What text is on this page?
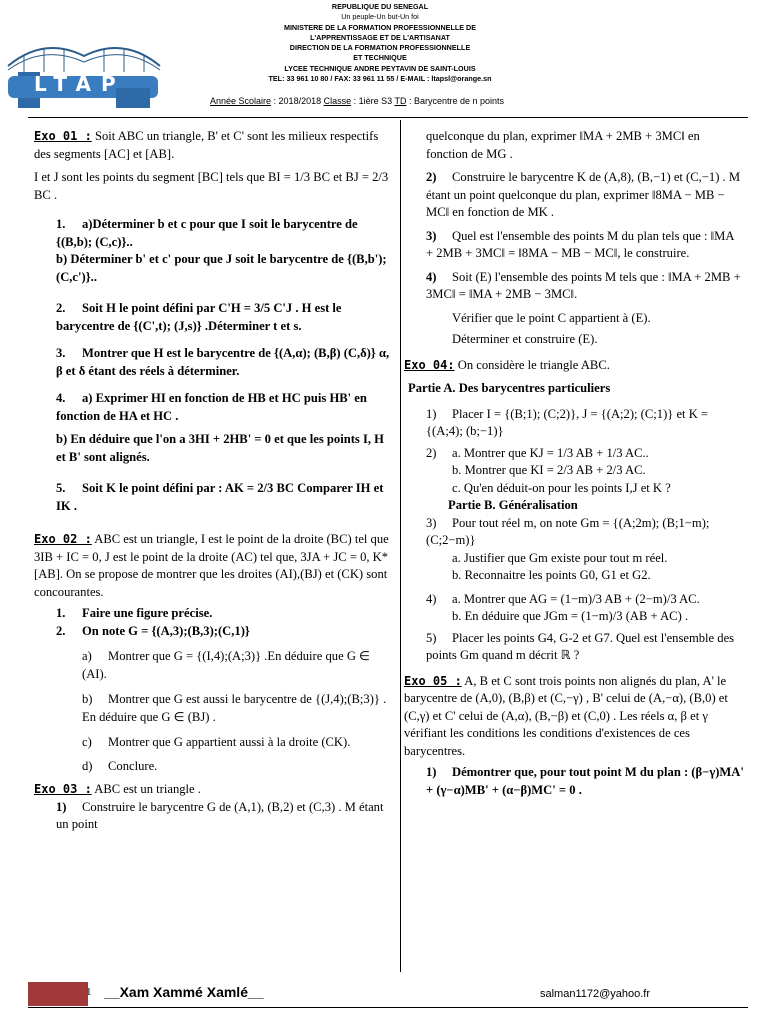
LTAP
REPUBLIQUE DU SENEGAL
Un peuple-Un but-Un foi
MINISTERE DE LA FORMATION PROFESSIONNELLE DE
L'APPRENTISSAGE ET DE L'ARTISANAT
DIRECTION DE LA FORMATION PROFESSIONNELLE
ET TECHNIQUE
LYCEE TECHNIQUE ANDRE PEYTAVIN DE SAINT-LOUIS
TEL: 33 961 10 80 / FAX: 33 961 11 55 / E-MAIL : ltapsl@orange.sn
Année Scolaire : 2018/2018 Classe : 1ière S3 TD : Barycentre de n points

Exo 01 : Soit ABC un triangle, B' et C' sont les milieux respectifs des segments [AC] et [AB].

I et J sont les points du segment [BC] tels que BI = 1/3 BC et BJ = 2/3 BC .

1. a)Déterminer b et c pour que I soit le barycentre de {(B,b); (C,c)}..

b) Déterminer b' et c' pour que J soit le barycentre de {(B,b'); (C,c')}..

2. Soit H le point défini par C'H = 3/5 C'J . H est le barycentre de {(C',t); (J,s)} .Déterminer t et s.

3. Montrer que H est le barycentre de {(A,α); (B,β) (C,δ)} α, β et δ étant des réels à déterminer.

4. a) Exprimer HI en fonction de HB et HC puis HB' en fonction de HA et HC .

b) En déduire que l'on a 3HI + 2HB' = 0 et que les points I, H et B' sont alignés.

5. Soit K le point défini par : AK = 2/3 BC Comparer IH et IK .

Exo 02 : ABC est un triangle, I est le point de la droite (BC) tel que 3IB + IC = 0, J est le point de la droite (AC) tel que, 3JA + JC = 0, K*[AB]. On se propose de montrer que les droites (AI),(BJ) et (CK) sont concourantes.

1. Faire une figure précise.

2. On note G = {(A,3);(B,3);(C,1)}

a) Montrer que G = {(I,4);(A;3)} .En déduire que G ∈ (AI).

b) Montrer que G est aussi le barycentre de {(J,4);(B;3)} . En déduire que G ∈ (BJ) .

c) Montrer que G appartient aussi à la droite (CK).

d) Conclure.

Exo 03 : ABC est un triangle .

1) Construire le barycentre G de (A,1), (B,2) et (C,3) . M étant un point

quelconque du plan, exprimer ‖MA + 2MB + 3MC‖ en fonction de MG .

2) Construire le barycentre K de (A,8), (B,−1) et (C,−1) . M étant un point quelconque du plan, exprimer ‖8MA − MB − MC‖ en fonction de MK .

3) Quel est l'ensemble des points M du plan tels que : ‖MA + 2MB + 3MC‖ = ‖8MA − MB − MC‖, le construire.

4) Soit (E) l'ensemble des points M tels que : ‖MA + 2MB + 3MC‖ = ‖MA + 2MB − 3MC‖.

Vérifier que le point C appartient à (E).

Déterminer et construire (E).

Exo 04: On considère le triangle ABC.

Partie A. Des barycentres particuliers

1) Placer I = {(B;1); (C;2)}, J = {(A;2); (C;1)} et K = {(A;4); (b;−1)}

2) a. Montrer que KJ = 1/3 AB + 1/3 AC..

b. Montrer que KI = 2/3 AB + 2/3 AC.

c. Qu'en déduit-on pour les points I,J et K ?

Partie B. Généralisation

3) Pour tout réel m, on note Gm = {(A;2m); (B;1−m); (C;2−m)}

a. Justifier que Gm existe pour tout m réel.

b. Reconnaitre les points G0, G1 et G2.

4) a. Montrer que AG = (1−m)/3 AB + (2−m)/3 AC.

b. En déduire que JGm = (1−m)/3 (AB + AC) .

5) Placer les points G4, G-2 et G7. Quel est l'ensemble des points Gm quand m décrit ℝ ?

Exo 05 : A, B et C sont trois points non alignés du plan, A' le barycentre de (A,0), (B,β) et (C,−γ) , B' celui de (A,−α), (B,0) et (C,γ) et C' celui de (A,α), (B,−β) et (C,0) . Les réels α, β et γ vérifiant les conditions les conditions d'existences de ces barycentres.

1) Démontrer que, pour tout point M du plan : (β−γ)MA' + (γ−α)MB' + (α−β)MC' = 0 .

1 __Xam Xammé Xamlé__	salman1172@yahoo.fr
